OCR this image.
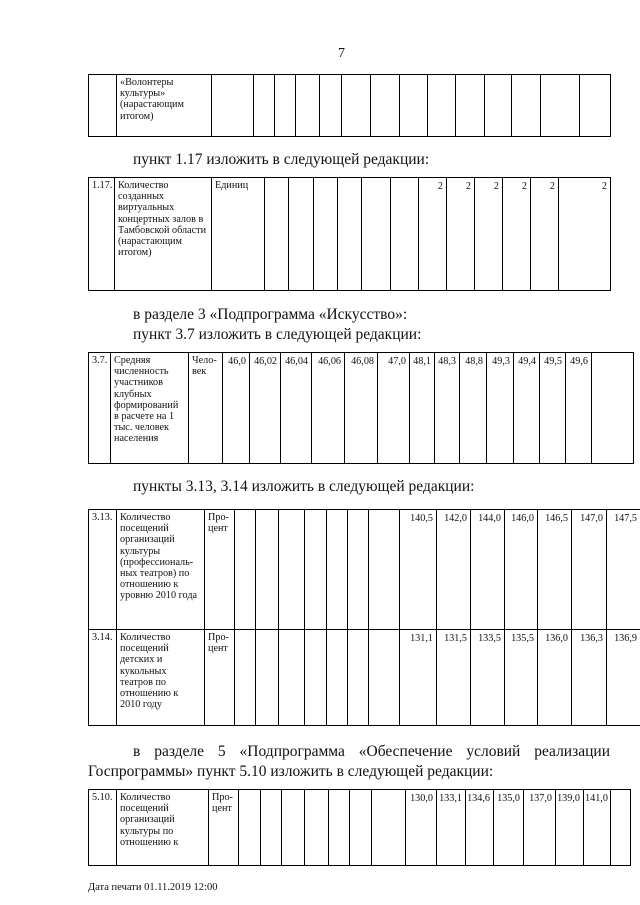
7
	«Волонтеры культуры» (нарастающим итогом)														
пункт 1.17 изложить в следующей редакции:
1.17.	Количество созданных виртуальных концертных залов в Тамбовской области (нарастающим итогом)	Единиц							2	2	2	2	2	2
в разделе 3 «Подпрограмма «Искусство»:
пункт 3.7 изложить в следующей редакции:
3.7.	Средняя численность участников клубных формирований в расчете на 1 тыс. человек населения	Чело-век	46,0	46,02	46,04	46,06	46,08	47,0	48,1	48,3	48,8	49,3	49,4	49,5	49,6	
пункты 3.13, 3.14 изложить в следующей редакции:
3.13.	Количество посещений организаций культуры (профессиональ-ных театров) по отношению к уровню 2010 года	Про-цент								140,5	142,0	144,0	146,0	146,5	147,0	147,5
3.14.	Количество посещений детских и кукольных театров по отношению к 2010 году	Про-цент								131,1	131,5	133,5	135,5	136,0	136,3	136,9
в разделе 5 «Подпрограмма «Обеспечение условий реализации
Госпрограммы» пункт 5.10 изложить в следующей редакции:
5.10.	Количество посещений организаций культуры по отношению к	Про-цент								130,0	133,1	134,6	135,0	137,0	139,0	141,0	
Дата печати 01.11.2019 12:00
